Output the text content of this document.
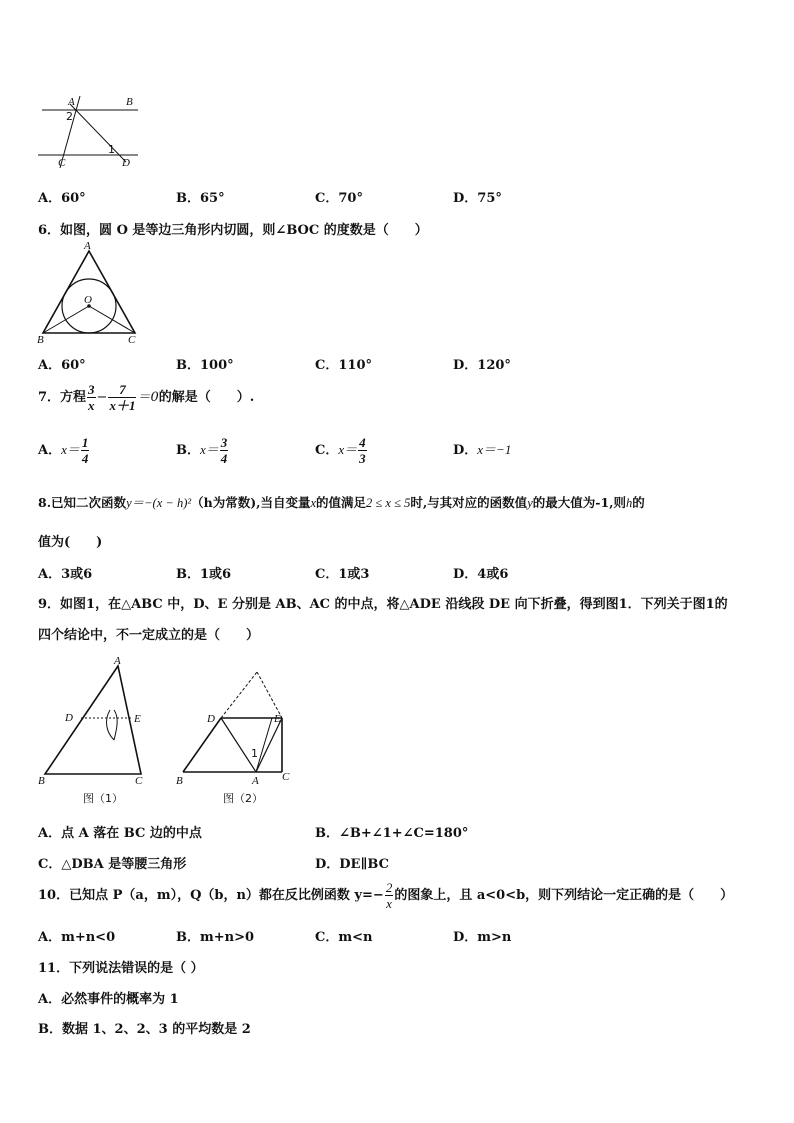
A	B
C	D
2
1
A．60°	B．65°	C．70°	D．75°
6．如图，圆 O 是等边三角形内切圆，则∠BOC 的度数是（　　）
A
B	C
O
A．60°	B．100°	C．110°	D．120°
7．方程 $\frac{3}{x} - \frac{7}{x+1} =0$的解是（　　）.
A．$x= \frac{1}{4}$	B．$x= \frac{3}{4}$	C．$x= \frac{4}{3}$	D．x＝−1
8.已知二次函数y＝−(x − h)²（h为常数),当自变量x的值满足2 ≤ x ≤ 5时,与其对应的函数值y的最大值为-1,则h的
值为(　　)
A．3或6	B．1或6	C．1或3	D．4或6
9．如图1，在△ABC 中，D、E 分别是 AB、AC 的中点，将△ADE 沿线段 DE 向下折叠，得到图1．下列关于图1的
四个结论中，不一定成立的是（　　）
A
D	E
B	C
图（1）
D	E
B	A C
1
图（2）
A．点 A 落在 BC 边的中点	B．∠B+∠1+∠C=180°
C．△DBA 是等腰三角形	D．DE∥BC
10．已知点 P（a，m），Q（b，n）都在反比例函数 $y=- \frac{2}{x}$ 的图象上，且 a<0<b，则下列结论一定正确的是（　　）
A．m+n<0	B．m+n>0	C．m<n	D．m>n
11．下列说法错误的是（ ）
A．必然事件的概率为 1
B．数据 1、2、2、3 的平均数是 2
